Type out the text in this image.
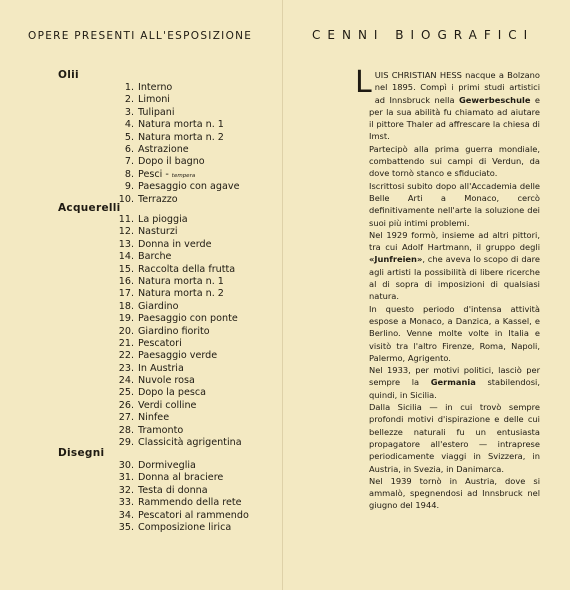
OPERE PRESENTI ALL'ESPOSIZIONE	CENNI BIOGRAFICI
Olii
1. Interno
2. Limoni
3. Tulipani
4. Natura morta n. 1
5. Natura morta n. 2
6. Astrazione
7. Dopo il bagno
8. Pesci - tempera
9. Paesaggio con agave
10. Terrazzo
Acquerelli
11. La pioggia
12. Nasturzi
13. Donna in verde
14. Barche
15. Raccolta della frutta
16. Natura morta n. 1
17. Natura morta n. 2
18. Giardino
19. Paesaggio con ponte
20. Giardino fiorito
21. Pescatori
22. Paesaggio verde
23. In Austria
24. Nuvole rosa
25. Dopo la pesca
26. Verdi colline
27. Ninfee
28. Tramonto
29. Classicità agrigentina
Disegni
30. Dormiveglia
31. Donna al braciere
32. Testa di donna
33. Rammendo della rete
34. Pescatori al rammendo
35. Composizione lirica

LUIS CHRISTIAN HESS nacque a Bolzano nel 1895. Compì i primi studi artistici ad Innsbruck nella Gewerbeschule e per la sua abilità fu chiamato ad aiutare il pittore Thaler ad affrescare la chiesa di Imst.

Partecipò alla prima guerra mondiale, combattendo sui campi di Verdun, da dove tornò stanco e sfiduciato.

Iscrittosi subito dopo all'Accademia delle Belle Arti a Monaco, cercò definitivamente nell'arte la soluzione dei suoi più intimi problemi.

Nel 1929 formò, insieme ad altri pittori, tra cui Adolf Hartmann, il gruppo degli «Junfreien», che aveva lo scopo di dare agli artisti la possibilità di libere ricerche al di sopra di imposizioni di qualsiasi natura.

In questo periodo d'intensa attività espose a Monaco, a Danzica, a Kassel, e Berlino. Venne molte volte in Italia e visitò tra l'altro Firenze, Roma, Napoli, Palermo, Agrigento.

Nel 1933, per motivi politici, lasciò per sempre la Germania stabilendosi, quindi, in Sicilia.

Dalla Sicilia — in cui trovò sempre profondi motivi d'ispirazione e delle cui bellezze naturali fu un entusiasta propagatore all'estero — intraprese periodicamente viaggi in Svizzera, in Austria, in Svezia, in Danimarca.

Nel 1939 tornò in Austria, dove si ammalò, spegnendosi ad Innsbruck nel giugno del 1944.
